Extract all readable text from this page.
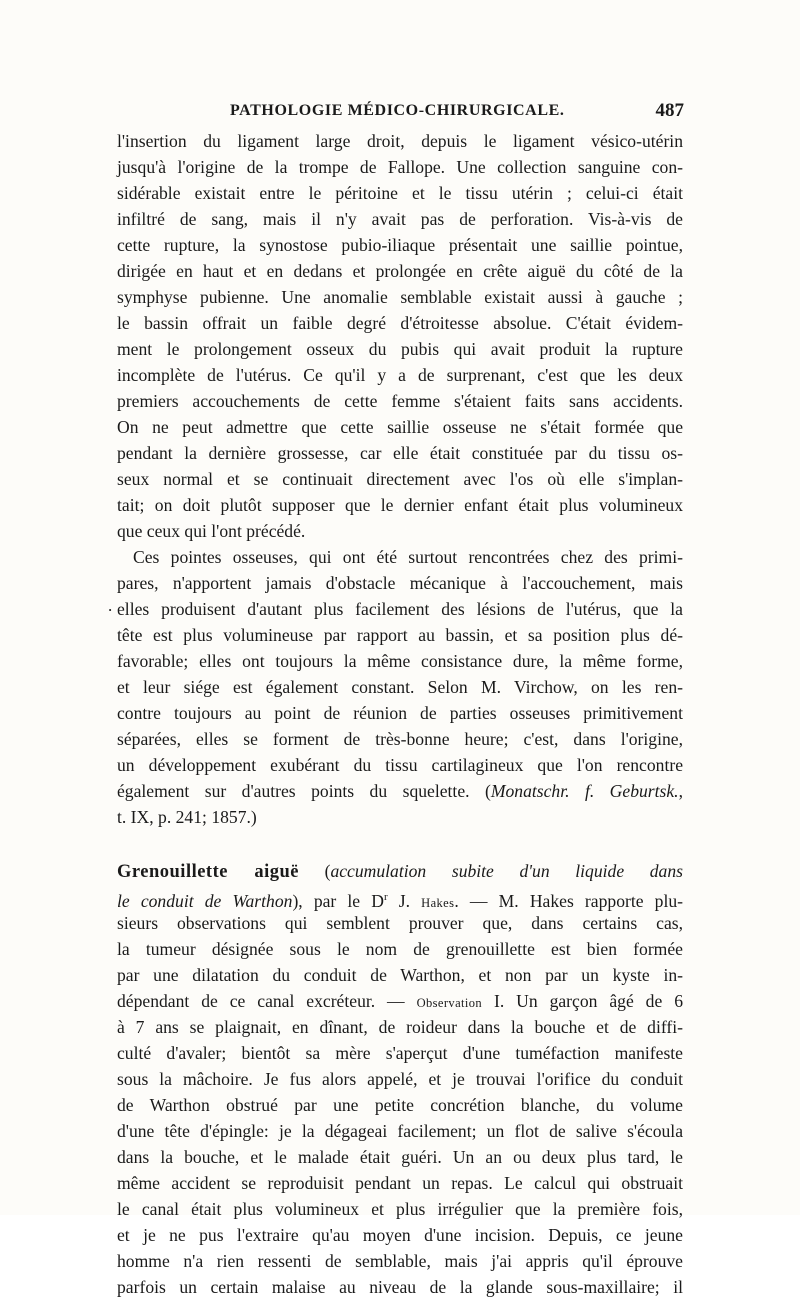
PATHOLOGIE MÉDICO-CHIRURGICALE.	487
l'insertion du ligament large droit, depuis le ligament vésico-utérin
jusqu'à l'origine de la trompe de Fallope. Une collection sanguine con-
sidérable existait entre le péritoine et le tissu utérin ; celui-ci était
infiltré de sang, mais il n'y avait pas de perforation. Vis-à-vis de
cette rupture, la synostose pubio-iliaque présentait une saillie pointue,
dirigée en haut et en dedans et prolongée en crête aiguë du côté de la
symphyse pubienne. Une anomalie semblable existait aussi à gauche ;
le bassin offrait un faible degré d'étroitesse absolue. C'était évidem-
ment le prolongement osseux du pubis qui avait produit la rupture
incomplète de l'utérus. Ce qu'il y a de surprenant, c'est que les deux
premiers accouchements de cette femme s'étaient faits sans accidents.
On ne peut admettre que cette saillie osseuse ne s'était formée que
pendant la dernière grossesse, car elle était constituée par du tissu os-
seux normal et se continuait directement avec l'os où elle s'implan-
tait; on doit plutôt supposer que le dernier enfant était plus volumineux
que ceux qui l'ont précédé.
Ces pointes osseuses, qui ont été surtout rencontrées chez des primi-
pares, n'apportent jamais d'obstacle mécanique à l'accouchement, mais
. elles produisent d'autant plus facilement des lésions de l'utérus, que la
tête est plus volumineuse par rapport au bassin, et sa position plus dé-
favorable; elles ont toujours la même consistance dure, la même forme,
et leur siége est également constant. Selon M. Virchow, on les ren-
contre toujours au point de réunion de parties osseuses primitivement
séparées, elles se forment de très-bonne heure; c'est, dans l'origine,
un développement exubérant du tissu cartilagineux que l'on rencontre
également sur d'autres points du squelette. (Monatschr. f. Geburtsk.,
t. IX, p. 241; 1857.)
Grenouillette aiguë (accumulation subite d'un liquide dans
le conduit de Warthon), par le $D^r$ J. Hakes. — M. Hakes rapporte plu-
sieurs observations qui semblent prouver que, dans certains cas,
la tumeur désignée sous le nom de grenouillette est bien formée
par une dilatation du conduit de Warthon, et non par un kyste in-
dépendant de ce canal excréteur. — Observation I. Un garçon âgé de 6
à 7 ans se plaignait, en dînant, de roideur dans la bouche et de diffi-
culté d'avaler; bientôt sa mère s'aperçut d'une tuméfaction manifeste
sous la mâchoire. Je fus alors appelé, et je trouvai l'orifice du conduit
de Warthon obstrué par une petite concrétion blanche, du volume
d'une tête d'épingle: je la dégageai facilement; un flot de salive s'écoula
dans la bouche, et le malade était guéri. Un an ou deux plus tard, le
même accident se reproduisit pendant un repas. Le calcul qui obstruait
le canal était plus volumineux et plus irrégulier que la première fois,
et je ne pus l'extraire qu'au moyen d'une incision. Depuis, ce jeune
homme n'a rien ressenti de semblable, mais j'ai appris qu'il éprouve
parfois un certain malaise au niveau de la glande sous-maxillaire; il
